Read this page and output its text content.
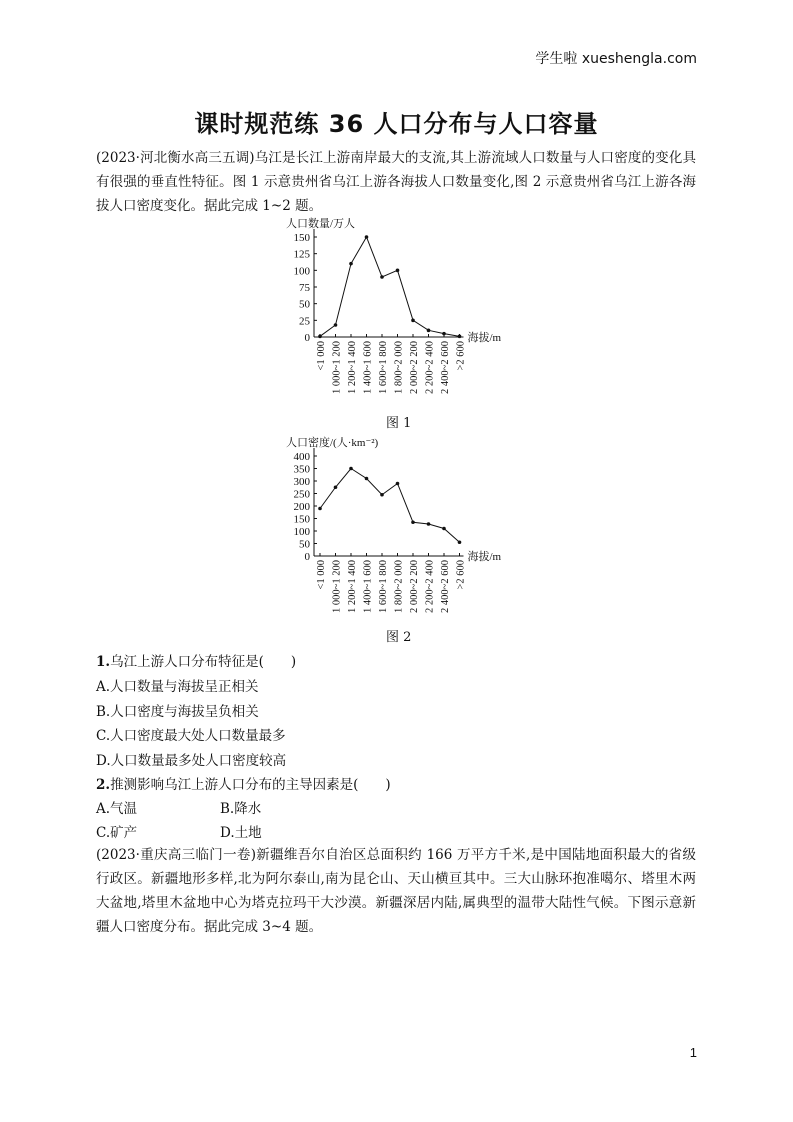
学生啦 xueshengla.com
课时规范练 36 人口分布与人口容量
(2023·河北衡水高三五调)乌江是长江上游南岸最大的支流,其上游流域人口数量与人口密度的变化具有很强的垂直性特征。图 1 示意贵州省乌江上游各海拔人口数量变化,图 2 示意贵州省乌江上游各海拔人口密度变化。据此完成 1~2 题。
人口数量/万人
0
25
50
75
100
125
150
<1 000 1 000~1 200 1 200~1 400 1 400~1 600 1 600~1 800 1 800~2 000 2 000~2 200 2 200~2 400 2 400~2 600 >2 600
海拔/m
图 1
人口密度/(人·km⁻²)
0
50
100
150
200
250
300
350
400
<1 000 1 000~1 200 1 200~1 400 1 400~1 600 1 600~1 800 1 800~2 000 2 000~2 200 2 200~2 400 2 400~2 600 >2 600
海拔/m
图 2
1.乌江上游人口分布特征是(　　)
A.人口数量与海拔呈正相关
B.人口密度与海拔呈负相关
C.人口密度最大处人口数量最多
D.人口数量最多处人口密度较高
2.推测影响乌江上游人口分布的主导因素是(　　)
A.气温	B.降水
C.矿产	D.土地
(2023·重庆高三临门一卷)新疆维吾尔自治区总面积约 166 万平方千米,是中国陆地面积最大的省级行政区。新疆地形多样,北为阿尔泰山,南为昆仑山、天山横亘其中。三大山脉环抱准噶尔、塔里木两大盆地,塔里木盆地中心为塔克拉玛干大沙漠。新疆深居内陆,属典型的温带大陆性气候。下图示意新疆人口密度分布。据此完成 3~4 题。
1
